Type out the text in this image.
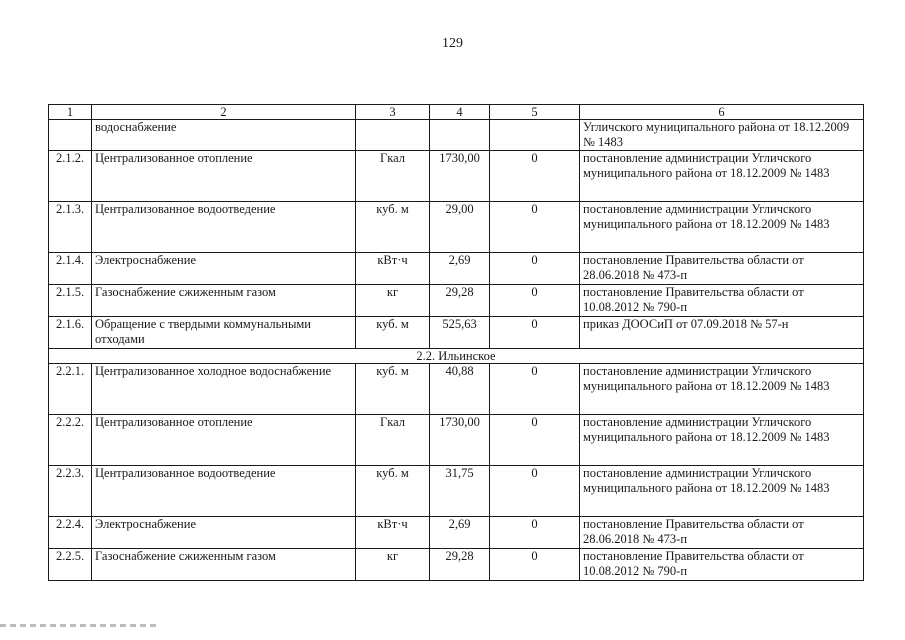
129
1	2	3	4	5	6
	водоснабжение				Угличского муниципального района от 18.12.2009 № 1483
2.1.2.	Централизованное отопление	Гкал	1730,00	0	постановление администрации Угличского муниципального района от 18.12.2009 № 1483
2.1.3.	Централизованное водоотведение	куб. м	29,00	0	постановление администрации Угличского муниципального района от 18.12.2009 № 1483
2.1.4.	Электроснабжение	кВт·ч	2,69	0	постановление Правительства области от 28.06.2018 № 473-п
2.1.5.	Газоснабжение сжиженным газом	кг	29,28	0	постановление Правительства области от 10.08.2012 № 790-п
2.1.6.	Обращение с твердыми коммунальными отходами	куб. м	525,63	0	приказ ДООСиП от 07.09.2018 № 57-н
2.2. Ильинское					
2.2.1.	Централизованное холодное водоснабжение	куб. м	40,88	0	постановление администрации Угличского муниципального района от 18.12.2009 № 1483
2.2.2.	Централизованное отопление	Гкал	1730,00	0	постановление администрации Угличского муниципального района от 18.12.2009 № 1483
2.2.3.	Централизованное водоотведение	куб. м	31,75	0	постановление администрации Угличского муниципального района от 18.12.2009 № 1483
2.2.4.	Электроснабжение	кВт·ч	2,69	0	постановление Правительства области от 28.06.2018 № 473-п
2.2.5.	Газоснабжение сжиженным газом	кг	29,28	0	постановление Правительства области от 10.08.2012 № 790-п
